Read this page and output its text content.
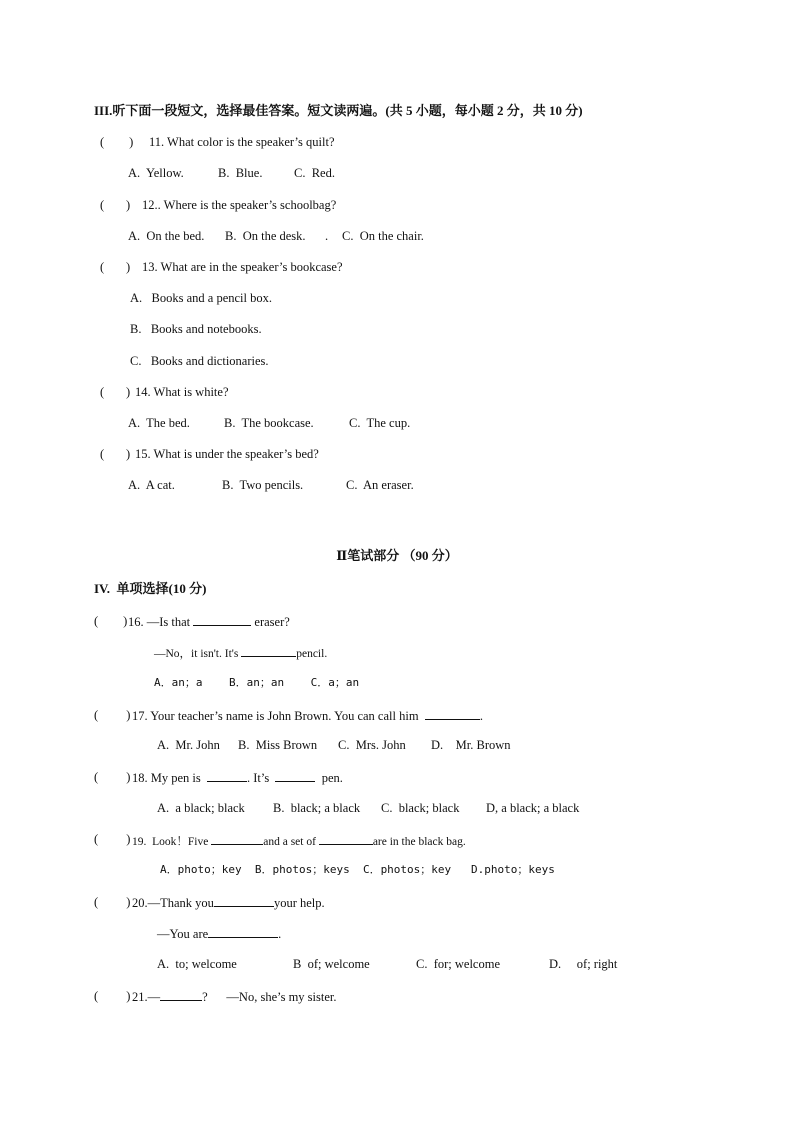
III.听下面一段短文，选择最佳答案。短文读两遍。(共 5 小题，每小题 2 分，共 10 分)
(        ) 11. What color is the speaker’s quilt?
A.  Yellow.	B.  Blue.	C.  Red.
(       ) 12.. Where is the speaker’s schoolbag?
A.  On the bed. B.  On the desk. . C.  On the chair.
(       ) 13. What are in the speaker’s bookcase?
A.   Books and a pencil box.
B.   Books and notebooks.
C.   Books and dictionaries.
(       ) 14. What is white?
A.  The bed.	B.  The bookcase.	C.  The cup.
(       ) 15. What is under the speaker’s bed?
A.  A cat.	B.  Two pencils.	C.  An eraser.
Ⅱ笔试部分 （90 分）
IV.  单项选择(10 分)
(        ) 16. —Is that	eraser?
—No，it isn't. It's	pencil.
A．an；a    B．an；an    C．a；an
(         ) 17. Your teacher’s name is John Brown. You can call him	.
A.  Mr. John B.  Miss Brown C.  Mrs. John D.    Mr. Brown
(         ) 18. My pen is	. It’s	pen.
A.  a black; black B.  black; a black C.  black; black D, a black; a black
(         ) 19.  Look！Five	and a set of	are in the black bag.
A．photo；key  B．photos；keys  C．photos；key   D.photo；keys
(         ) 20.—Thank you	your help.
—You are	.
A.  to; welcome	B  of; welcome	C.  for; welcome	D.     of; right
(         ) 21.—	?      —No, she’s my sister.
